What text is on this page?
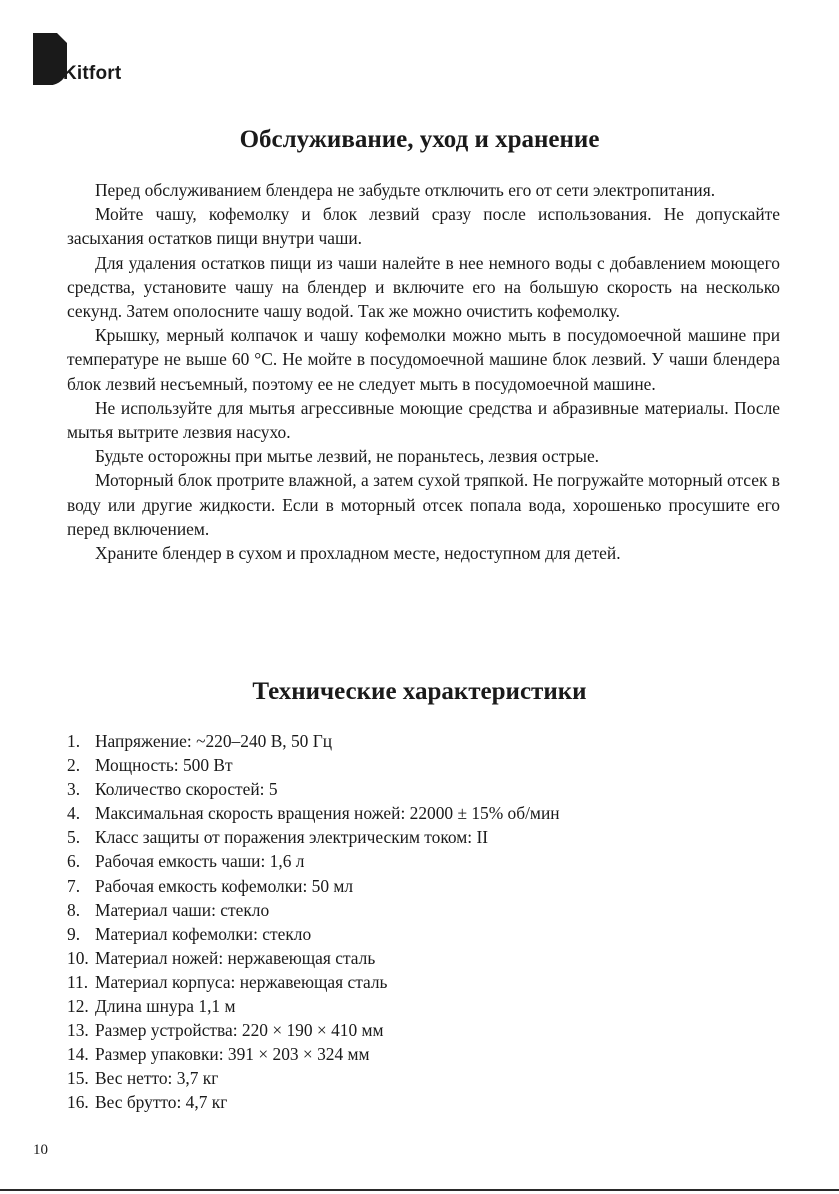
Kitfort
Обслуживание, уход и хранение

Перед обслуживанием блендера не забудьте отключить его от сети электропитания.

Мойте чашу, кофемолку и блок лезвий сразу после использования. Не допускайте засыхания остатков пищи внутри чаши.

Для удаления остатков пищи из чаши налейте в нее немного воды с добавлением моющего средства, установите чашу на блендер и включите его на большую скорость на несколько секунд. Затем ополосните чашу водой. Так же можно очистить кофемолку.

Крышку, мерный колпачок и чашу кофемолки можно мыть в посудомоечной машине при температуре не выше 60 °С. Не мойте в посудомоечной машине блок лезвий. У чаши блендера блок лезвий несъемный, поэтому ее не следует мыть в посудомоечной машине.

Не используйте для мытья агрессивные моющие средства и абразивные материалы. После мытья вытрите лезвия насухо.

Будьте осторожны при мытье лезвий, не пораньтесь, лезвия острые.

Моторный блок протрите влажной, а затем сухой тряпкой. Не погружайте моторный отсек в воду или другие жидкости. Если в моторный отсек попала вода, хорошенько просушите его перед включением.

Храните блендер в сухом и прохладном месте, недоступном для детей.

Технические характеристики
1. Напряжение: ~220–240 В, 50 Гц
2. Мощность: 500 Вт
3. Количество скоростей: 5
4. Максимальная скорость вращения ножей: 22000 ± 15% об/мин
5. Класс защиты от поражения электрическим током: II
6. Рабочая емкость чаши: 1,6 л
7. Рабочая емкость кофемолки: 50 мл
8. Материал чаши: стекло
9. Материал кофемолки: стекло
10. Материал ножей: нержавеющая сталь
11. Материал корпуса: нержавеющая сталь
12. Длина шнура 1,1 м
13. Размер устройства: 220 × 190 × 410 мм
14. Размер упаковки: 391 × 203 × 324 мм
15. Вес нетто: 3,7 кг
16. Вес брутто: 4,7 кг
10
